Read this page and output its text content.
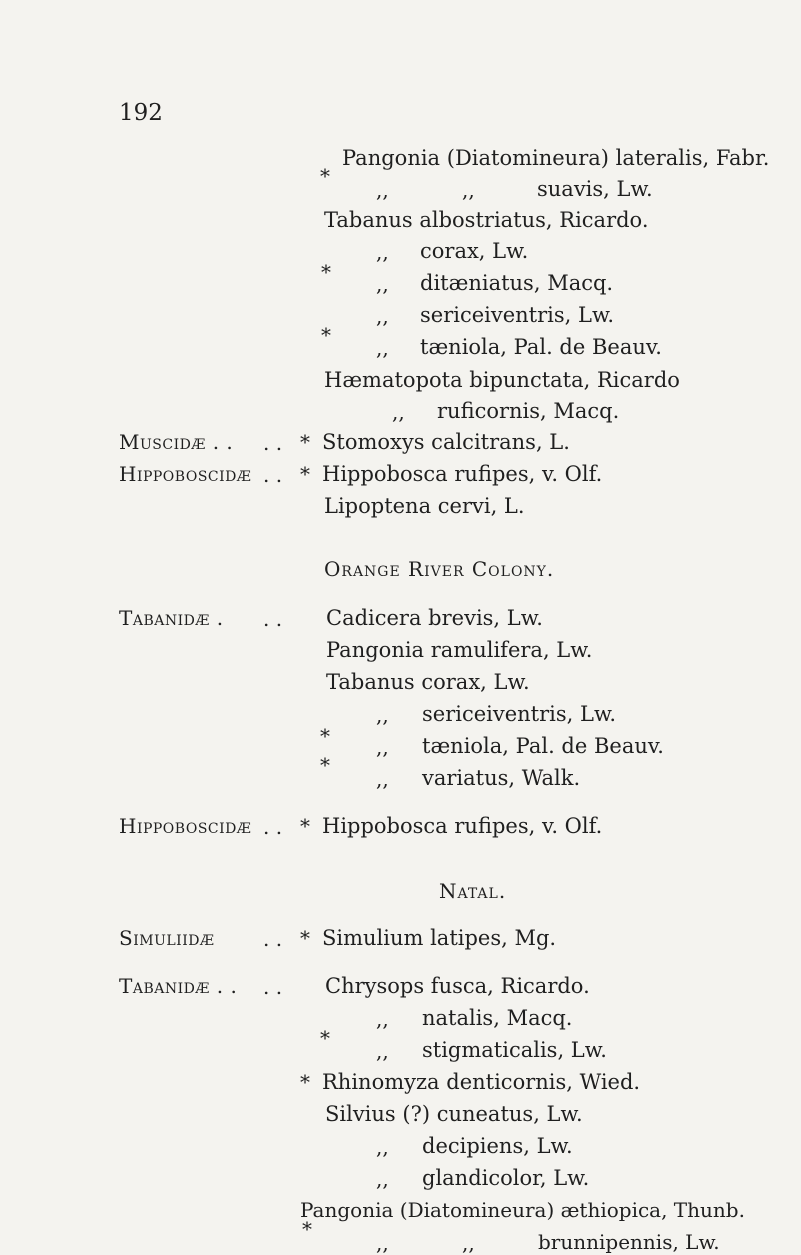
192
Pangonia (Diatomineura) lateralis, Fabr.
*
,,	,,	suavis, Lw.
Tabanus albostriatus, Ricardo.
,, corax, Lw.
* ,, ditæniatus, Macq.
,, sericeiventris, Lw.
*
,, tæniola, Pal. de Beauv.
Hæmatopota bipunctata, Ricardo
,, ruficornis, Macq.
Muscidæ . . . . * Stomoxys calcitrans, L.
Hippoboscidæ . . * Hippobosca rufipes, v. Olf.
Lipoptena cervi, L.
Orange River Colony.
Tabanidæ . . . Cadicera brevis, Lw.
Pangonia ramulifera, Lw.
Tabanus corax, Lw.
,, sericeiventris, Lw.
* ,, tæniola, Pal. de Beauv.
*
,, variatus, Walk.
Hippoboscidæ . . * Hippobosca rufipes, v. Olf.
Natal.
Simuliidæ . . * Simulium latipes, Mg.
Tabanidæ . . . . Chrysops fusca, Ricardo.
,, natalis, Macq.
*
,, stigmaticalis, Lw.
* Rhinomyza denticornis, Wied.
Silvius (?) cuneatus, Lw.
,, decipiens, Lw.
,, glandicolor, Lw.
Pangonia (Diatomineura) æthiopica, Thunb.
*
,,	,,	brunnipennis, Lw.
